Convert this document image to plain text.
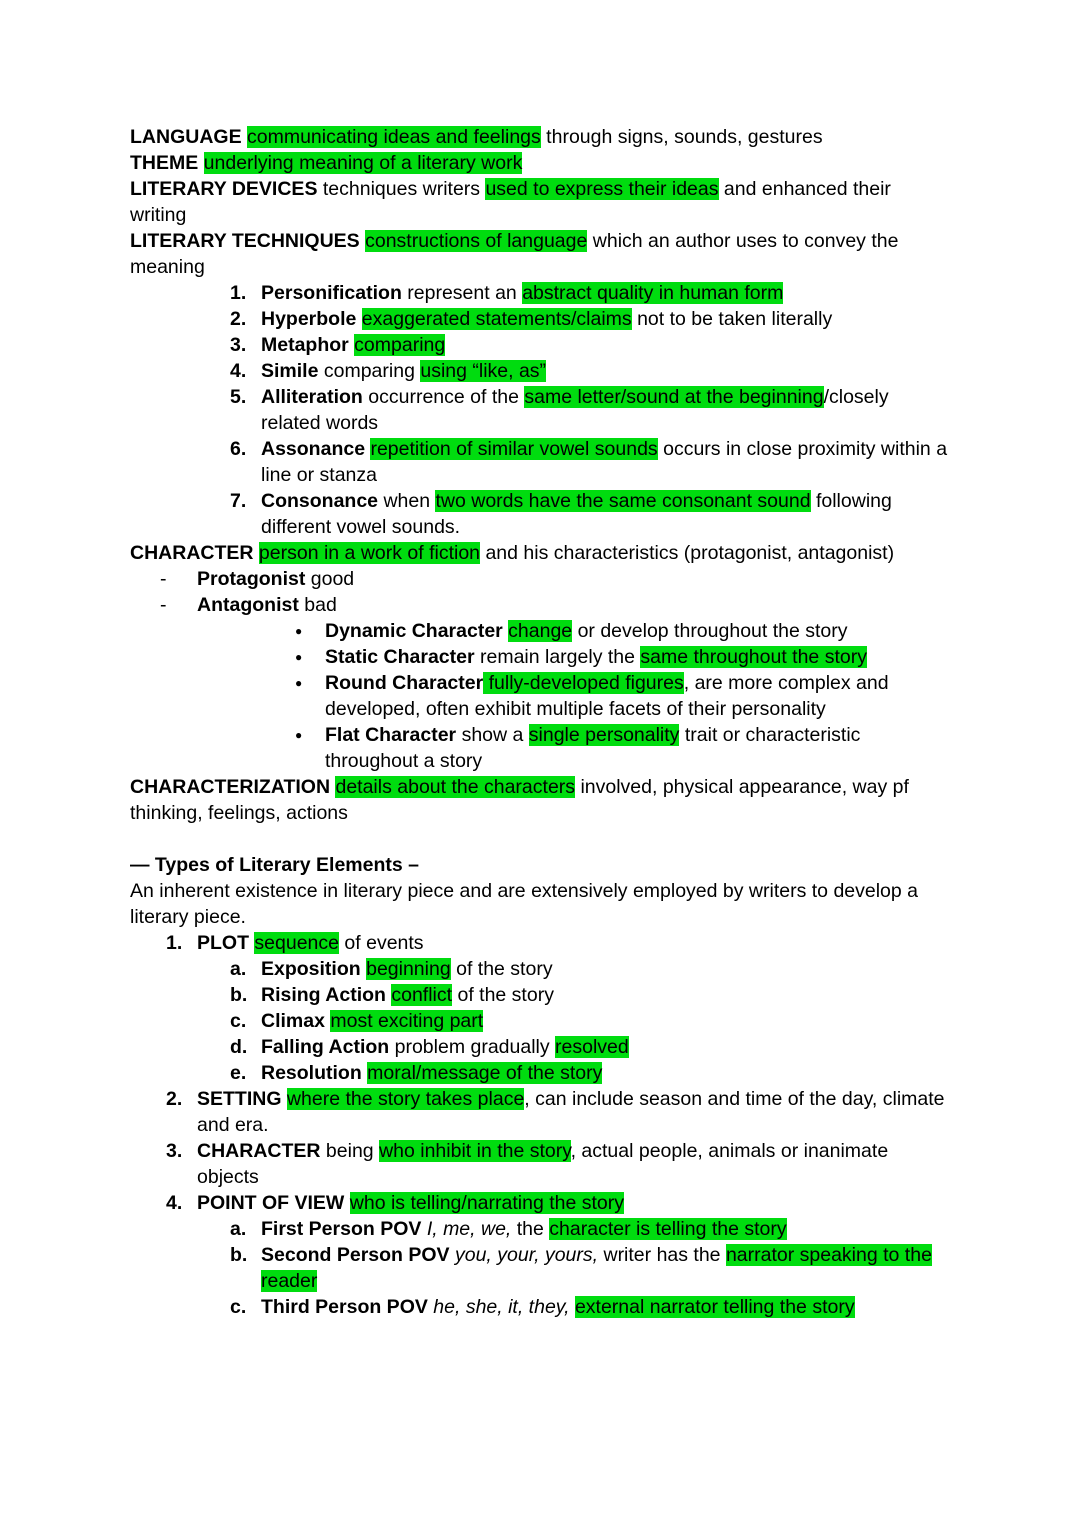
LANGUAGE communicating ideas and feelings through signs, sounds, gestures
THEME underlying meaning of a literary work
LITERARY DEVICES techniques writers used to express their ideas and enhanced their writing
LITERARY TECHNIQUES constructions of language which an author uses to convey the meaning
1. Personification represent an abstract quality in human form
2. Hyperbole exaggerated statements/claims not to be taken literally
3. Metaphor comparing
4. Simile comparing using “like, as”
5. Alliteration occurrence of the same letter/sound at the beginning/closely related words
6. Assonance repetition of similar vowel sounds occurs in close proximity within a line or stanza
7. Consonance when two words have the same consonant sound following different vowel sounds.
CHARACTER person in a work of fiction and his characteristics (protagonist, antagonist)
-	Protagonist good
-	Antagonist bad
●	Dynamic Character change or develop throughout the story
●	Static Character remain largely the same throughout the story
●	Round Character fully-developed figures, are more complex and developed, often exhibit multiple facets of their personality
●	Flat Character show a single personality trait or characteristic throughout a story
CHARACTERIZATION details about the characters involved, physical appearance, way pf thinking, feelings, actions
— Types of Literary Elements –
An inherent existence in literary piece and are extensively employed by writers to develop a literary piece.
1. PLOT sequence of events
a. Exposition beginning of the story
b. Rising Action conflict of the story
c. Climax most exciting part
d. Falling Action problem gradually resolved
e. Resolution moral/message of the story
2. SETTING where the story takes place, can include season and time of the day, climate and era.
3. CHARACTER being who inhibit in the story, actual people, animals or inanimate objects
4. POINT OF VIEW who is telling/narrating the story
a. First Person POV I, me, we, the character is telling the story
b. Second Person POV you, your, yours, writer has the narrator speaking to the reader
c. Third Person POV he, she, it, they, external narrator telling the story
